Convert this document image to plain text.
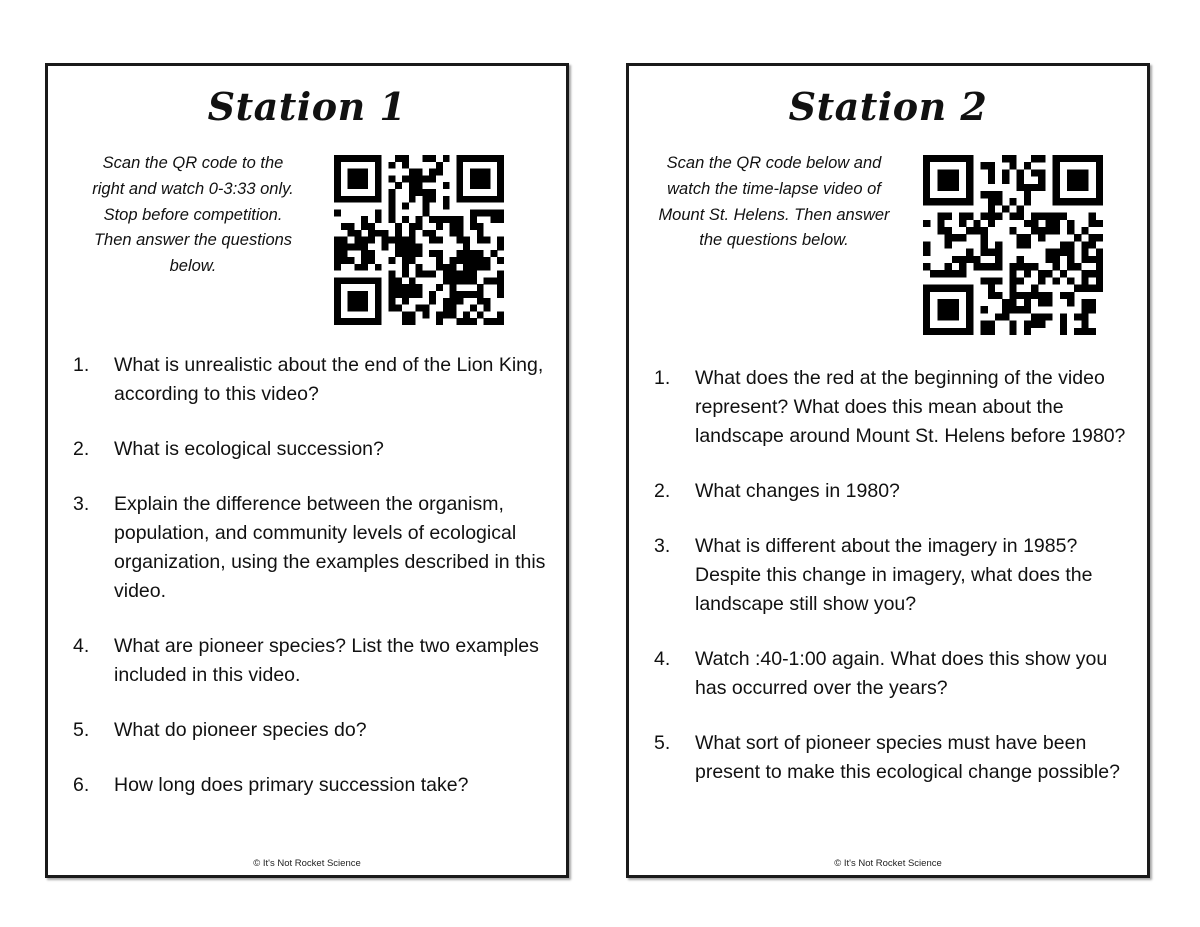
Station 1
Scan the QR code to the right and watch 0-3:33 only. Stop before competition. Then answer the questions below.
1. What is unrealistic about the end of the Lion King, according to this video?
2. What is ecological succession?
3. Explain the difference between the organism, population, and community levels of ecological organization, using the examples described in this video.
4. What are pioneer species? List the two examples included in this video.
5. What do pioneer species do?
6. How long does primary succession take?
© It's Not Rocket Science
Station 2
Scan the QR code below and watch the time-lapse video of Mount St. Helens. Then answer the questions below.
1. What does the red at the beginning of the video represent? What does this mean about the landscape around Mount St. Helens before 1980?
2. What changes in 1980?
3. What is different about the imagery in 1985? Despite this change in imagery, what does the landscape still show you?
4. Watch :40-1:00 again. What does this show you has occurred over the years?
5. What sort of pioneer species must have been present to make this ecological change possible?
© It's Not Rocket Science
